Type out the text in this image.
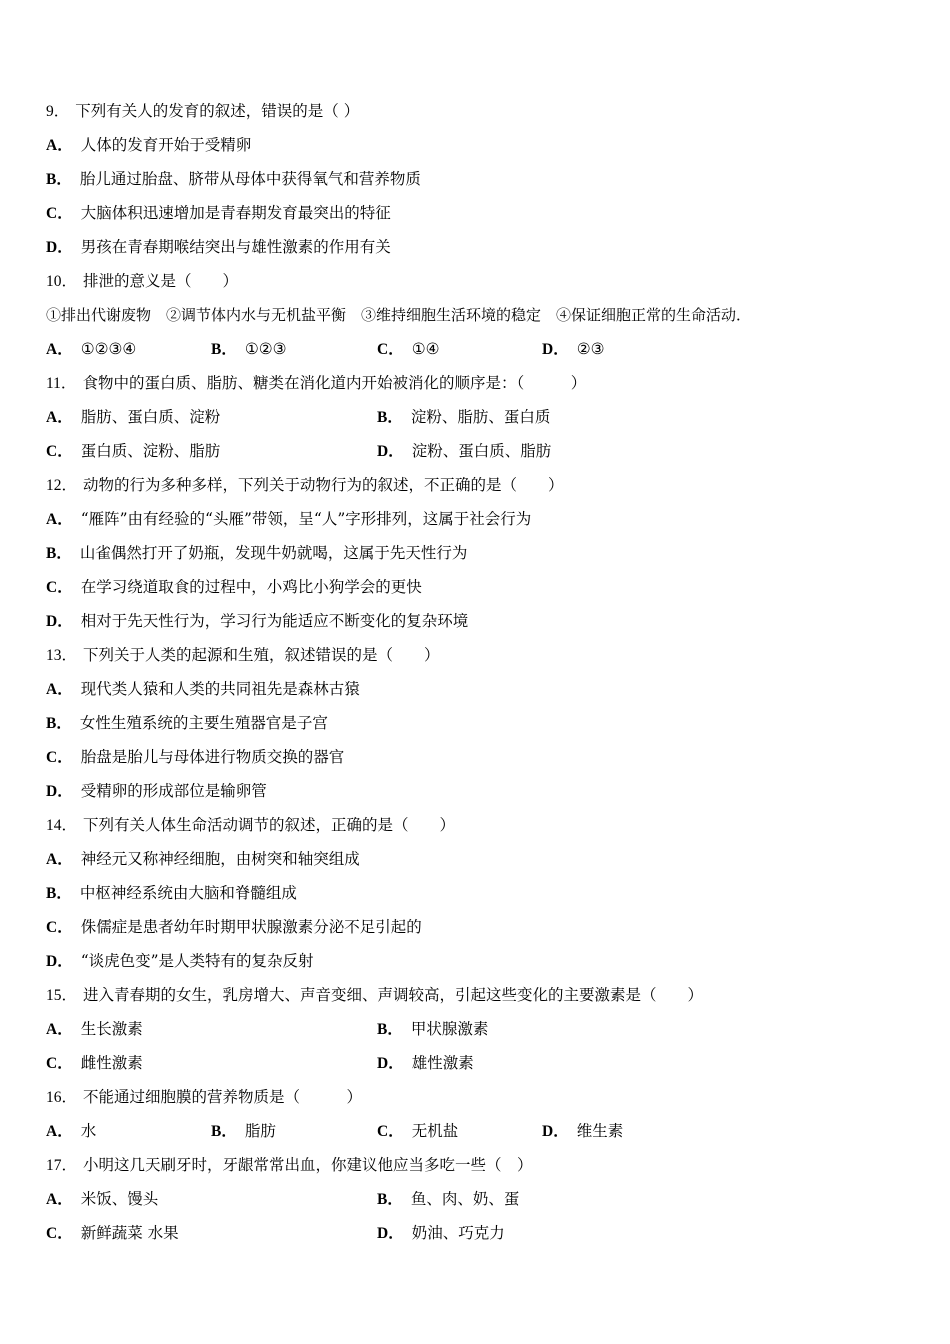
9． 下列有关人的发育的叙述，错误的是（ ）
A． 人体的发育开始于受精卵
B． 胎儿通过胎盘、脐带从母体中获得氧气和营养物质
C． 大脑体积迅速增加是青春期发育最突出的特征
D． 男孩在青春期喉结突出与雄性激素的作用有关
10． 排泄的意义是（　　）
①排出代谢废物　②调节体内水与无机盐平衡　③维持细胞生活环境的稳定　④保证细胞正常的生命活动．
A． ①②③④	B． ①②③	C． ①④	D． ②③
11． 食物中的蛋白质、脂肪、糖类在消化道内开始被消化的顺序是：（　　　）
A． 脂肪、蛋白质、淀粉	B． 淀粉、脂肪、蛋白质
C． 蛋白质、淀粉、脂肪	D． 淀粉、蛋白质、脂肪
12． 动物的行为多种多样，下列关于动物行为的叙述，不正确的是（　　）
A． “雁阵”由有经验的“头雁”带领，呈“人”字形排列，这属于社会行为
B． 山雀偶然打开了奶瓶，发现牛奶就喝，这属于先天性行为
C． 在学习绕道取食的过程中，小鸡比小狗学会的更快
D． 相对于先天性行为，学习行为能适应不断变化的复杂环境
13． 下列关于人类的起源和生殖，叙述错误的是（　　）
A． 现代类人猿和人类的共同祖先是森林古猿
B． 女性生殖系统的主要生殖器官是子宫
C． 胎盘是胎儿与母体进行物质交换的器官
D． 受精卵的形成部位是输卵管
14． 下列有关人体生命活动调节的叙述，正确的是（　　）
A． 神经元又称神经细胞，由树突和轴突组成
B． 中枢神经系统由大脑和脊髓组成
C． 侏儒症是患者幼年时期甲状腺激素分泌不足引起的
D． “谈虎色变”是人类特有的复杂反射
15． 进入青春期的女生，乳房增大、声音变细、声调较高，引起这些变化的主要激素是（　　）
A． 生长激素	B． 甲状腺激素
C． 雌性激素	D． 雄性激素
16． 不能通过细胞膜的营养物质是（　　　）
A． 水	B． 脂肪	C． 无机盐	D． 维生素
17． 小明这几天刷牙时，牙龈常常出血，你建议他应当多吃一些（　）
A． 米饭、馒头	B． 鱼、肉、奶、蛋
C． 新鲜蔬菜 水果	D． 奶油、巧克力
